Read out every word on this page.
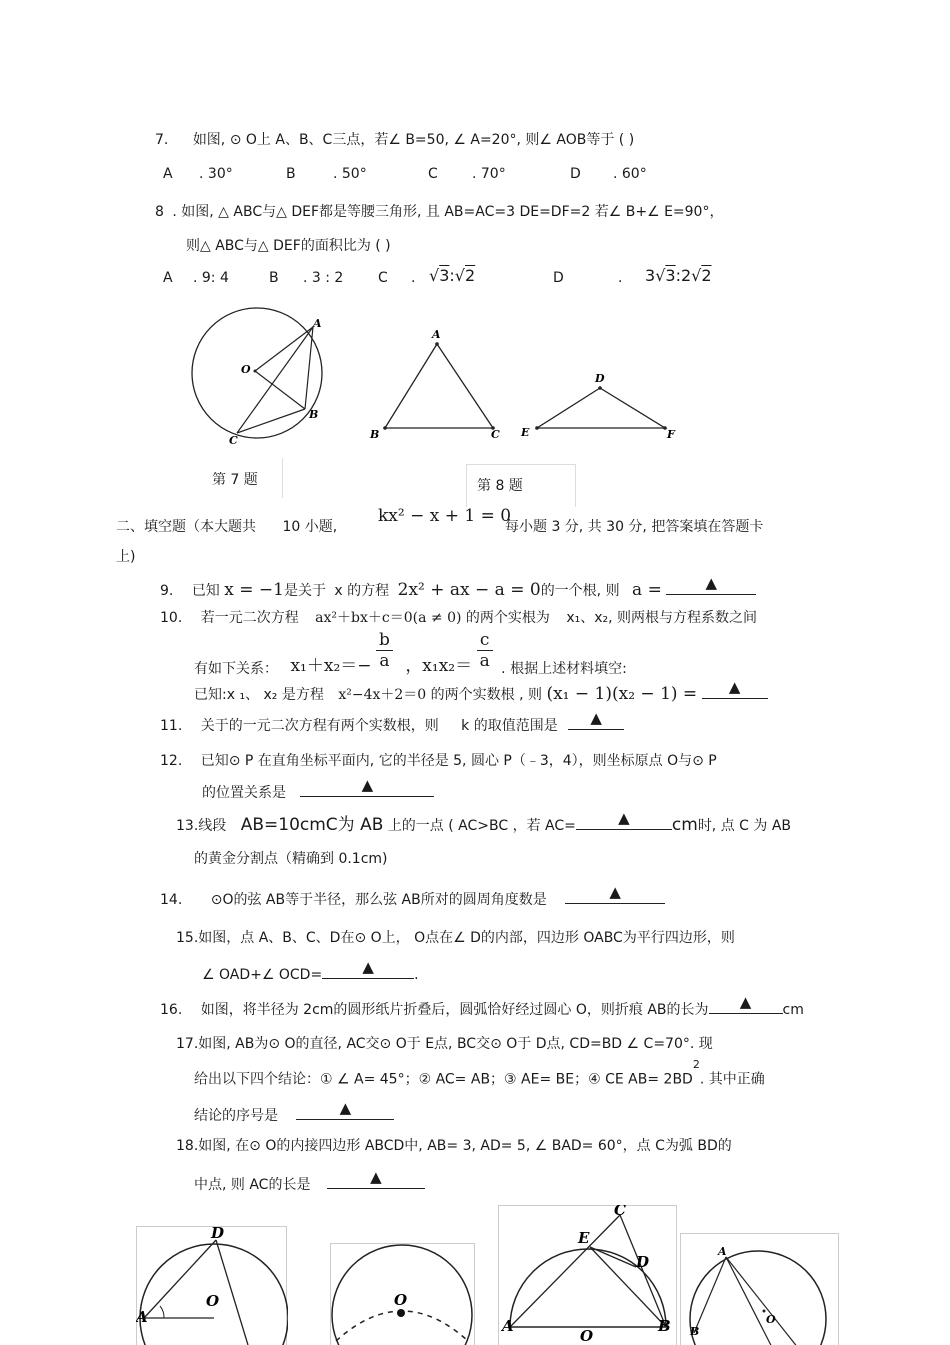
7. 如图, ⊙ O上 A、B、C三点，若∠ B=50, ∠ A=20°, 则∠ AOB等于 ( )
A . 30°	B	. 50°	C . 70°	D . 60°
8 . 如图, △ ABC与△ DEF都是等腰三角形, 且 AB=AC=3 DE=DF=2 若∠ B+∠ E=90°，
则△ ABC与△ DEF的面积比为 ( )
A . 9: 4	B . 3 : 2 C . √3:√2	D	. 3√3:2√2
O
A
B
C
第 7 题
A
B	C
D
E	F
第 8 题
二、填空题（本大题共 10 小题,
kx² − x + 1 = 0
每小题 3 分, 共 30 分, 把答案填在答题卡
上)
9. 已知 x = −1是关于 x 的方程 2x² + ax − a = 0的一个根, 则 a =	▲
10. 若一元二次方程 ax²＋bx＋c＝0(a ≠ 0) 的两个实根为 x₁、x₂, 则两根与方程系数之间
有如下关系： $x_1+x_2=- \frac{b}{a}$ ，$x_1x_2= \frac{c}{a}$ . 根据上述材料填空:
已知:x ₁、 x₂ 是方程 x²−4x＋2＝0 的两个实数根 , 则 (x₁ − 1)(x₂ − 1) =	▲
11. 关于的一元二次方程有两个实数根，则 k 的取值范围是	▲
12. 已知⊙ P 在直角坐标平面内, 它的半径是 5, 圆心 P（﹣3，4），则坐标原点 O与⊙ P
的位置关系是	▲
13.线段 AB=10cmC为 AB 上的一点 ( AC>BC ，若 AC=	▲	cm时, 点 C 为 AB
的黄金分割点（精确到 0.1cm)
14. ⊙O的弦 AB等于半径，那么弦 AB所对的圆周角度数是	▲
15.如图，点 A、B、C、D在⊙ O上， O点在∠ D的内部，四边形 OABC为平行四边形，则
∠ OAD+∠ OCD=	▲	.
16. 如图，将半径为 2cm的圆形纸片折叠后，圆弧恰好经过圆心 O，则折痕 AB的长为	▲	cm
17.如图, AB为⊙ O的直径, AC交⊙ O于 E点, BC交⊙ O于 D点, CD=BD ∠ C=70°. 现
给出以下四个结论：① ∠ A= 45°；② AC= AB；③ AE= BE；④ CE $AB= 2BD^2$. 其中正确
结论的序号是	▲
18.如图, 在⊙ O的内接四边形 ABCD中, AB= 3, AD= 5, ∠ BAD= 60°，点 C为弧 BD的
中点, 则 AC的长是	▲
D
A
O	O
C
E
D
A
O
B
A
O
B
